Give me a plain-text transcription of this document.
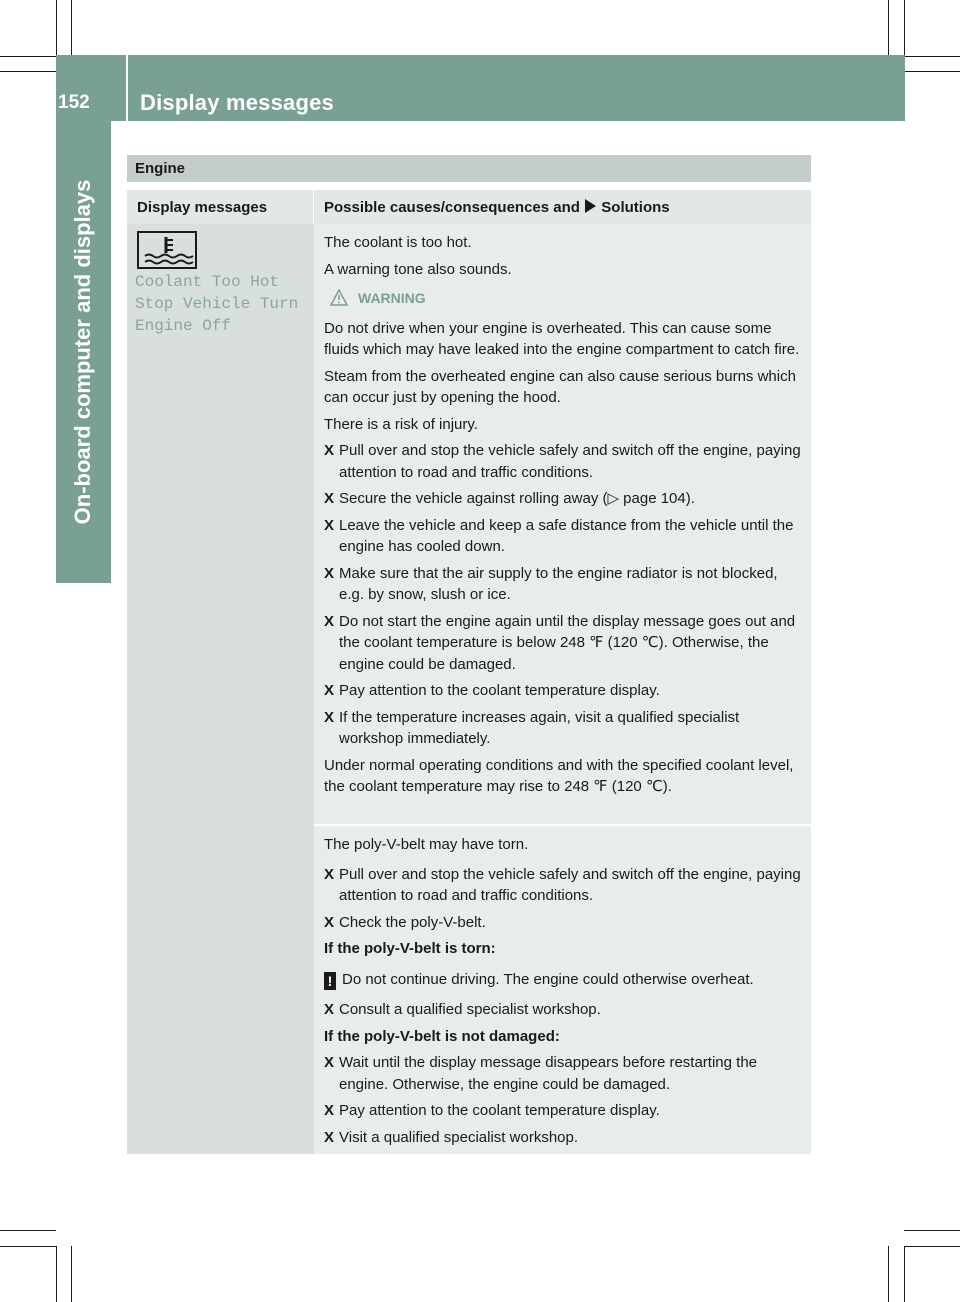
152	Display messages
On-board computer and displays
Engine
Display messages	Possible causes/consequences and Solutions
Coolant Too Hot
Stop Vehicle Turn
Engine Off
The coolant is too hot.
A warning tone also sounds.
WARNING
Do not drive when your engine is overheated. This can cause some fluids which may have leaked into the engine compartment to catch fire.
Steam from the overheated engine can also cause serious burns which can occur just by opening the hood.
There is a risk of injury.
X Pull over and stop the vehicle safely and switch off the engine, paying attention to road and traffic conditions.
X Secure the vehicle against rolling away (▷ page 104).
X Leave the vehicle and keep a safe distance from the vehicle until the engine has cooled down.
X Make sure that the air supply to the engine radiator is not blocked, e.g. by snow, slush or ice.
X Do not start the engine again until the display message goes out and the coolant temperature is below 248 ℉ (120 ℃). Otherwise, the engine could be damaged.
X Pay attention to the coolant temperature display.
X If the temperature increases again, visit a qualified specialist workshop immediately.
Under normal operating conditions and with the specified coolant level, the coolant temperature may rise to 248 ℉ (120 ℃).
The poly-V-belt may have torn.
X Pull over and stop the vehicle safely and switch off the engine, paying attention to road and traffic conditions.
X Check the poly-V-belt.
If the poly-V-belt is torn:
! Do not continue driving. The engine could otherwise overheat.
X Consult a qualified specialist workshop.
If the poly-V-belt is not damaged:
X Wait until the display message disappears before restarting the engine. Otherwise, the engine could be damaged.
X Pay attention to the coolant temperature display.
X Visit a qualified specialist workshop.
